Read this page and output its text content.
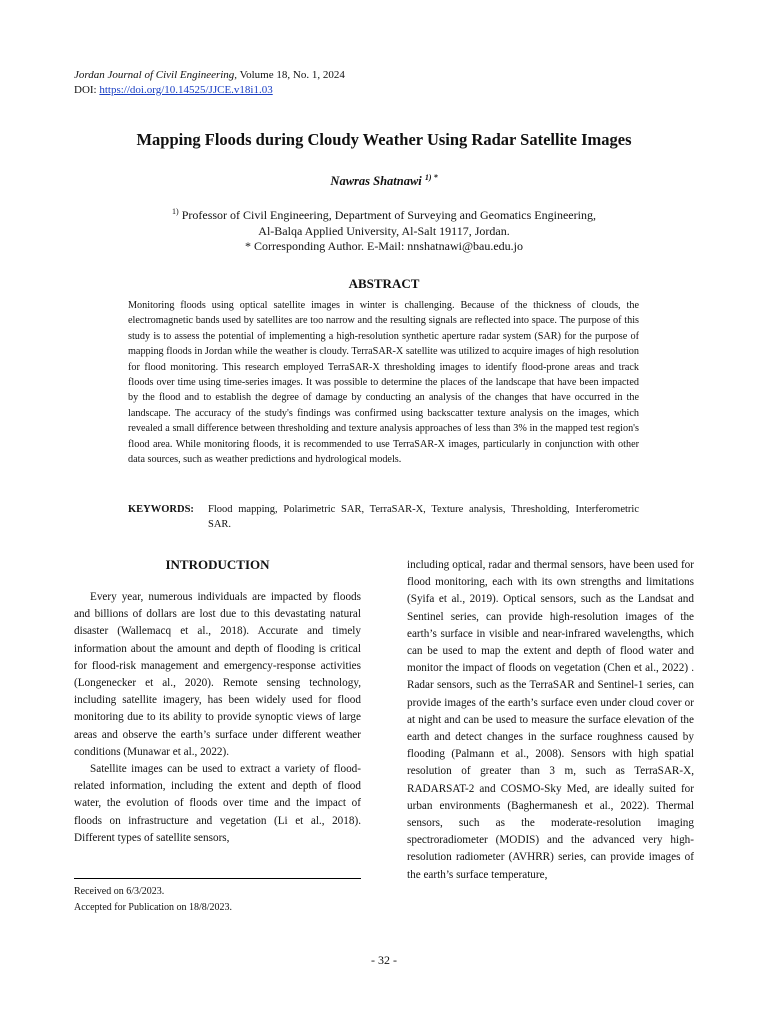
Jordan Journal of Civil Engineering, Volume 18, No. 1, 2024
DOI: https://doi.org/10.14525/JJCE.v18i1.03
Mapping Floods during Cloudy Weather Using Radar Satellite Images
Nawras Shatnawi $^{1) *}$
$^{1)}$ Professor of Civil Engineering, Department of Surveying and Geomatics Engineering,
Al-Balqa Applied University, Al-Salt 19117, Jordan.
* Corresponding Author. E-Mail: nnshatnawi@bau.edu.jo
ABSTRACT
Monitoring floods using optical satellite images in winter is challenging. Because of the thickness of clouds, the electromagnetic bands used by satellites are too narrow and the resulting signals are reflected into space. The purpose of this study is to assess the potential of implementing a high-resolution synthetic aperture radar system (SAR) for the purpose of mapping floods in Jordan while the weather is cloudy. TerraSAR-X satellite was utilized to acquire images of high resolution for flood monitoring. This research employed TerraSAR-X thresholding images to identify flood-prone areas and track floods over time using time-series images. It was possible to determine the places of the landscape that have been impacted by the flood and to establish the degree of damage by conducting an analysis of the changes that have occurred in the landscape. The accuracy of the study's findings was confirmed using backscatter texture analysis on the images, which revealed a small difference between thresholding and texture analysis approaches of less than 3% in the mapped test region's flood area. While monitoring floods, it is recommended to use TerraSAR-X images, particularly in conjunction with other data sources, such as weather predictions and hydrological models.
KEYWORDS: Flood mapping, Polarimetric SAR, TerraSAR-X, Texture analysis, Thresholding, Interferometric SAR.
INTRODUCTION

Every year, numerous individuals are impacted by floods and billions of dollars are lost due to this devastating natural disaster (Wallemacq et al., 2018). Accurate and timely information about the amount and depth of flooding is critical for flood-risk management and emergency-response activities (Longenecker et al., 2020). Remote sensing technology, including satellite imagery, has been widely used for flood monitoring due to its ability to provide synoptic views of large areas and observe the earth’s surface under different weather conditions (Munawar et al., 2022).

Satellite images can be used to extract a variety of flood-related information, including the extent and depth of flood water, the evolution of floods over time and the impact of floods on infrastructure and vegetation (Li et al., 2018). Different types of satellite sensors,

including optical, radar and thermal sensors, have been used for flood monitoring, each with its own strengths and limitations (Syifa et al., 2019). Optical sensors, such as the Landsat and Sentinel series, can provide high-resolution images of the earth’s surface in visible and near-infrared wavelengths, which can be used to map the extent and depth of flood water and monitor the impact of floods on vegetation (Chen et al., 2022) . Radar sensors, such as the TerraSAR and Sentinel-1 series, can provide images of the earth’s surface even under cloud cover or at night and can be used to measure the surface elevation of the earth and detect changes in the surface roughness caused by flooding (Palmann et al., 2008). Sensors with high spatial resolution of greater than 3 m, such as TerraSAR-X, RADARSAT-2 and COSMO-Sky Med, are ideally suited for urban environments (Baghermanesh et al., 2022). Thermal sensors, such as the moderate-resolution imaging spectroradiometer (MODIS) and the advanced very high-resolution radiometer (AVHRR) series, can provide images of the earth’s surface temperature,

Received on 6/3/2023.
Accepted for Publication on 18/8/2023.
- 32 -
